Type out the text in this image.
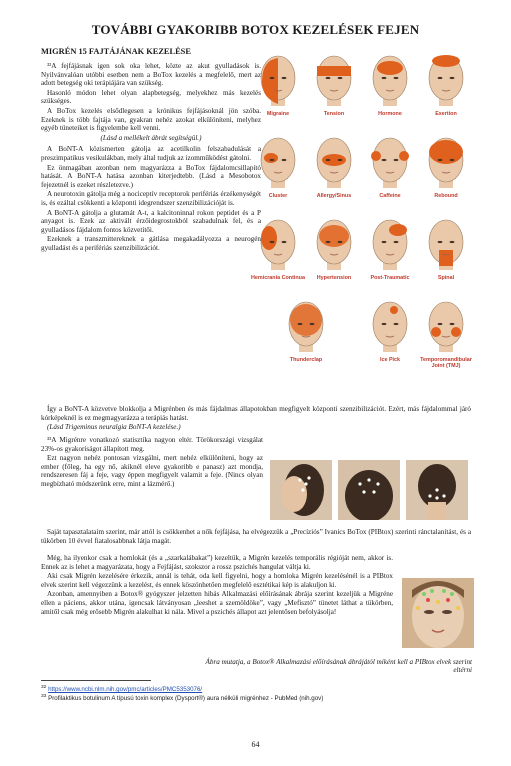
TOVÁBBI GYAKORIBB BOTOX KEZELÉSEK FEJEN
MIGRÉN 15 FAJTÁJÁNAK KEZELÉSE

³²A fejfájásnak igen sok oka lehet, közte az akut gyulladások is. Nyilvánvalóan utóbbi esetben nem a BoTox kezelés a megfelelő, mert az adott betegség oki terápiájára van szükség.

Hasonló módon lehet olyan alapbetegség, melyekhez más kezelés szükséges.

A BoTox kezelés elsődlegesen a krónikus fejfájásoknál jön szóba. Ezeknek is több fajtája van, gyakran nehéz azokat elkülöníteni, melyhez egyéb tüneteiket is figyelembe kell venni.

(Lásd a mellékelt ábrát segítségül.)

A BoNT-A közismerten gátolja az acetilkolin felszabadulását a preszimpatikus vesikulákban, mely által tudjuk az izomműködést gátolni.

Ez önmagában azonban nem magyarázza a BoTox fájdalomcsillapító hatását. A BoNT-A hatása azonban kiterjedtebb. (Lásd a Mesobotox fejezetnél is ezeket részletezve.)

A neurotoxin gátolja még a nociceptív receptorok perifériás érzékenységét is, és ezáltal csökkenti a központi idegrendszer szenzibilizációját is.

A BoNT-A gátolja a glutamát A-t, a kalcitoninnal rokon peptidet és a P anyagot is. Ezek az aktivált érzőidegrostokból szabadulnak fel, és a gyulladásos fájdalom fontos közvetítői.

Ezeknek a transzmittereknek a gátlása megakadályozza a neurogén gyulladást és a perifériás szenzibilizációt.

Migraine	Tension	Hormone	Exertion
Cluster	Allergy/Sinus	Caffeine	Rebound
Hemicrania Continua	Hypertension	Post-Traumatic	Spinal
Thunderclap	Ice Pick	Temporomandibular Joint (TMJ)

Így a BoNT-A közvetve blokkolja a Migrénben és más fájdalmas állapotokban megfigyelt központi szenzibilizációt. Ezért, más fájdalommal járó kórképeknél is ez megmagyarázza a terápiás hatást.

(Lásd Trigeminus neuralgia BoNT-A kezelése.)

³³A Migrénre vonatkozó statisztika nagyon eltér. Törökországi vizsgálat 23%-os gyakoriságot állapított meg.

Ezt nagyon nehéz pontosan vizsgálni, mert nehéz elkülöníteni, hogy az ember (főleg, ha egy nő, akiknél eleve gyakoribb e panasz) azt mondja, rendszeresen fáj a feje, vagy éppen megfigyelt valamit a feje. (Nincs olyan megbízható módszerünk erre, mint a lázmérő.)

Saját tapasztalataim szerint, már attól is csökkenhet a nők fejfájása, ha elvégezzük a „Precíziós” Ivanics BoTox (PIBtox) szerinti ránctalanítást, és a tükörben 10 évvel fiatalosabbnak látja magát.

Még, ha ilyenkor csak a homlokát (és a „szarkalábakat”) kezeltük, a Migrén kezelés temporális régióját nem, akkor is. Ennek az is lehet a magyarázata, hogy a Fejfájást, szokszor a rossz pszichés hangulat váltja ki.

Aki csak Migrén kezelésére érkezik, annál is tehát, oda kell figyelni, hogy a homloka Migrén kezelésénél is a PIBtox elvek szerint kell végezzünk a kezelést, és ennek köszönhetően megfelelő esztétikai kép is alakuljon ki.

Azonban, amennyiben a Botox® gyógyszer jelzetten hibás Alkalmazási előírásának ábrája szerint kezeljük a Migréne ellen a páciens, akkor utána, igencsak látványosan „leeshet a szemöldöke”, vagy „Mefisztó” tünetet láthat a tükörben, amitől csak még erősebb Migrén alakulhat ki nála. Mivel a pszichés állapot azt jelentősen befolyásolja!

Ábra mutatja, a Botox® Alkalmazási előírásának ábrájától miként kell a PIBtox elvek szerint eltérni
$^{32}$ https://www.ncbi.nlm.nih.gov/pmc/articles/PMC5353076/
$^{33}$ Profilaktikus botulinum A típusú toxin komplex (Dysport®) aura nélküli migrénhez - PubMed (nih.gov)
64
